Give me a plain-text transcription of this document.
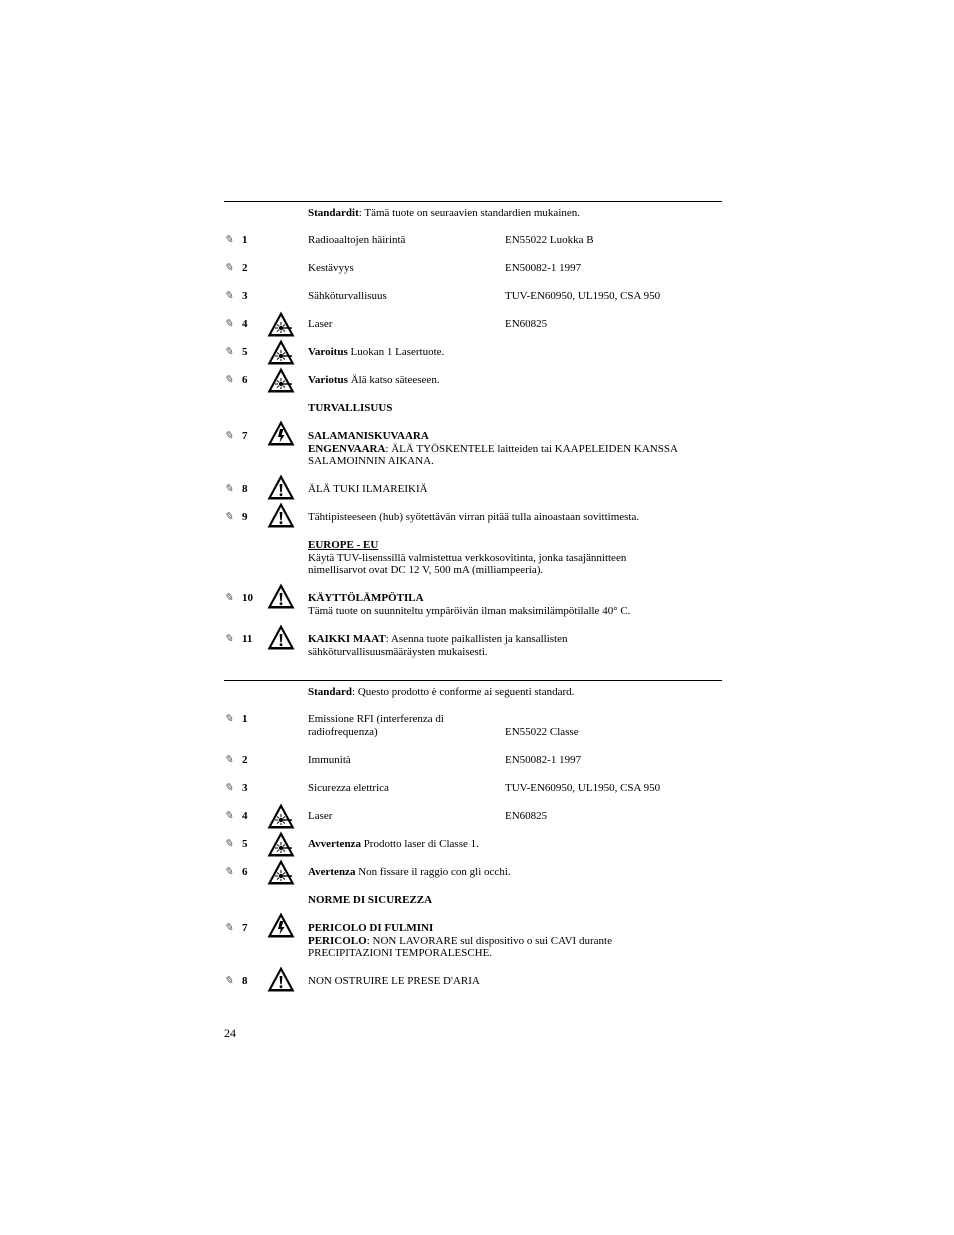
Standardit: Tämä tuote on seuraavien standardien mukainen.
✎ 1	Radioaaltojen häirintä	EN55022 Luokka B
✎ 2	Kestävyys	EN50082-1 1997
✎ 3	Sähköturvallisuus	TUV-EN60950, UL1950, CSA 950
✎ 4	Laser	EN60825
✎ 5	Varoitus Luokan 1 Lasertuote.
✎ 6	Variotus Älä katso säteeseen.
TURVALLISUUS
✎ 7	SALAMANISKUVAARA
ENGENVAARA: ÄLÄ TYÖSKENTELE laitteiden tai KAAPELEIDEN KANSSA
SALAMOINNIN AIKANA.
✎ 8	ÄLÄ TUKI ILMAREIKIÄ
✎ 9	Tähtipisteeseen (hub) syötettävän virran pitää tulla ainoastaan sovittimesta.
EUROPE - EU
Käytä TUV-lisenssillä valmistettua verkkosovitinta, jonka tasajännitteen
nimellisarvot ovat DC 12 V, 500 mA (milliampeeria).
✎ 10	KÄYTTÖLÄMPÖTILA
Tämä tuote on suunniteltu ympäröivän ilman maksimilämpötilalle 40° C.
✎ 11	KAIKKI MAAT: Asenna tuote paikallisten ja kansallisten
sähköturvallisuusmääräysten mukaisesti.
Standard: Questo prodotto è conforme ai seguenti standard.
✎ 1	Emissione RFI (interferenza di
radiofrequenza)	EN55022 Classe
✎ 2	Immunità	EN50082-1 1997
✎ 3	Sicurezza elettrica	TUV-EN60950, UL1950, CSA 950
✎ 4	Laser	EN60825
✎ 5	Avvertenza Prodotto laser di Classe 1.
✎ 6	Avertenza Non fissare il raggio con gli occhi.
NORME DI SICUREZZA
✎ 7	PERICOLO DI FULMINI
PERICOLO: NON LAVORARE sul dispositivo o sui CAVI durante
PRECIPITAZIONI TEMPORALESCHE.
✎ 8	NON OSTRUIRE LE PRESE D'ARIA
24
